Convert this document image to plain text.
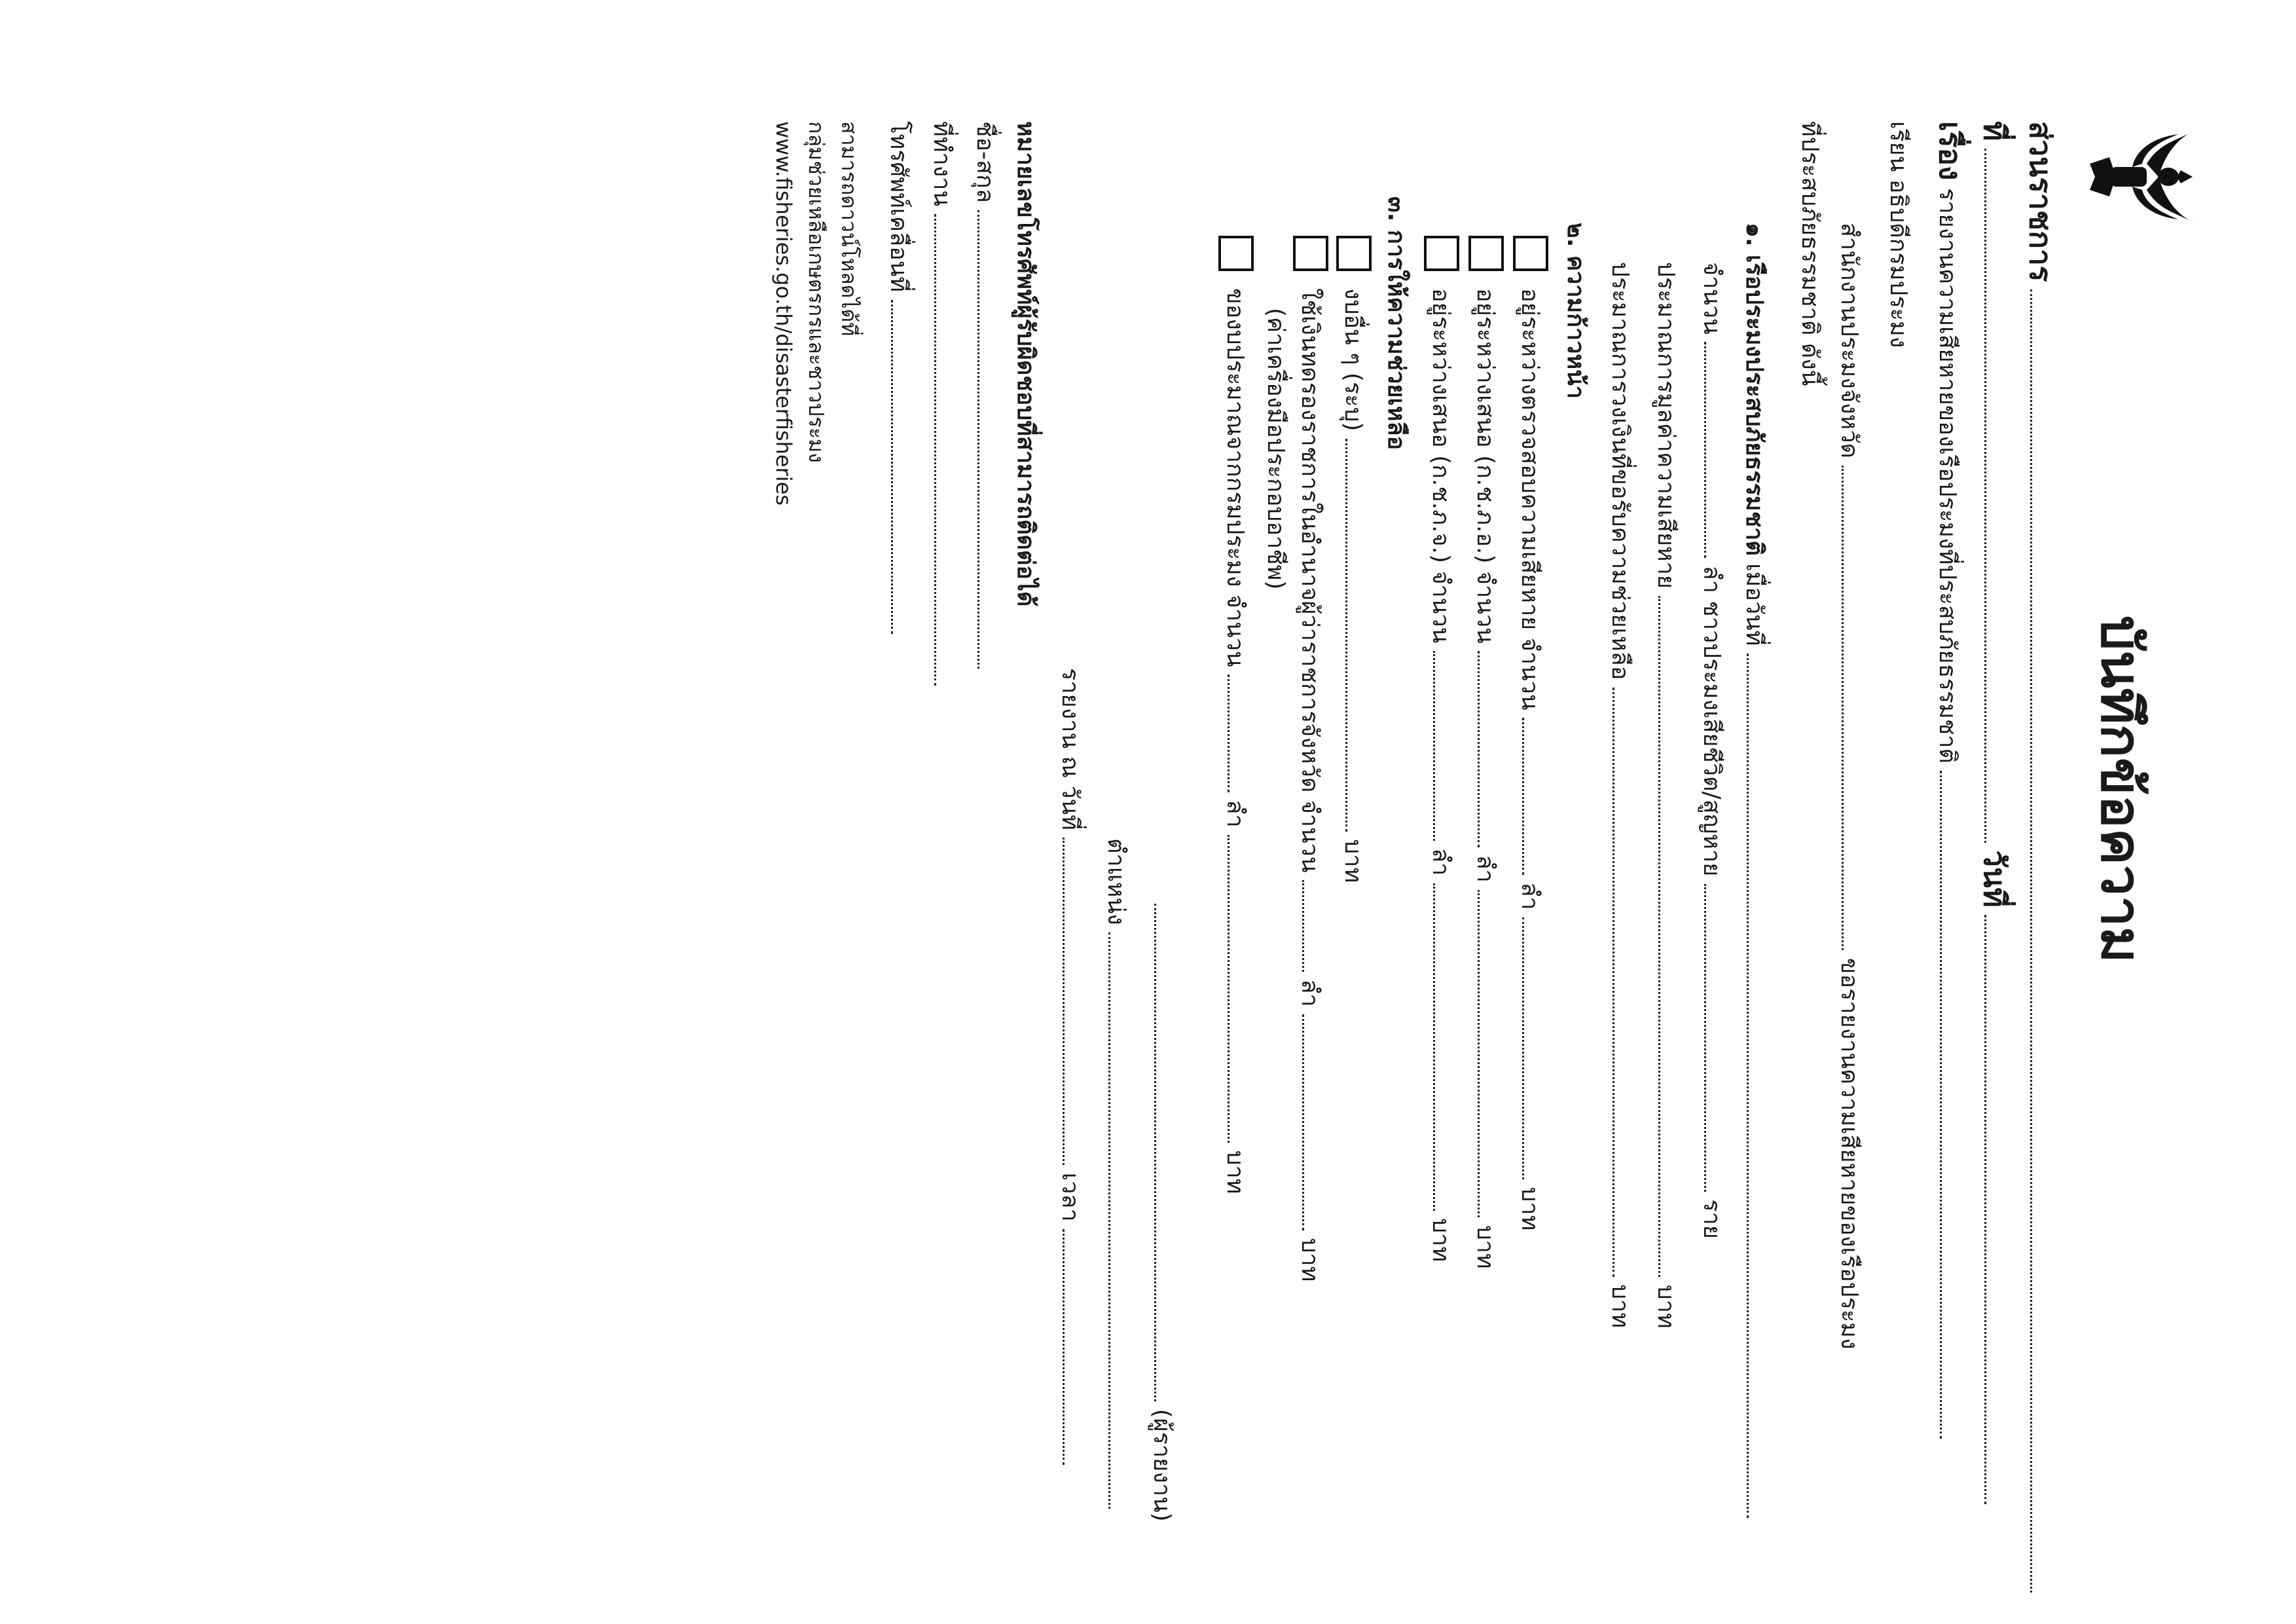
บันทึกข้อความ
ส่วนราชการ
ที่  วันที่
เรื่อง รายงานความเสียหายของเรือประมงที่ประสบภัยธรรมชาติ
เรียน อธิบดีกรมประมง
สำนักงานประมงจังหวัด  ขอรายงานความเสียหายของเรือประมง
ที่ประสบภัยธรรมชาติ ดังนี้
๑. เรือประมงประสบภัยธรรมชาติ เมื่อวันที่
จำนวน  ลำ ชาวประมงเสียชีวิต/สูญหาย  ราย
ประมาณการมูลค่าความเสียหาย  บาท
ประมาณการวงเงินที่ขอรับความช่วยเหลือ  บาท
๒. ความก้าวหน้า
อยู่ระหว่างตรวจสอบความเสียหาย จำนวน  ลำ  บาท
อยู่ระหว่างเสนอ (ก.ช.ภ.อ.) จำนวน  ลำ  บาท
อยู่ระหว่างเสนอ (ก.ช.ภ.จ.) จำนวน  ลำ  บาท
๓. การให้ความช่วยเหลือ
งบอื่น ๆ (ระบุ)  บาท
ใช้เงินทดรองราชการในอำนาจผู้ว่าราชการจังหวัด จำนวน  ลำ  บาท
(ค่าเครื่องมือประกอบอาชีพ)
ของบประมาณจากกรมประมง จำนวน  ลำ  บาท
(ผู้รายงาน)
ตำแหน่ง
รายงาน ณ วันที่  เวลา
หมายเลขโทรศัพท์ผู้รับผิดชอบที่สามารถติดต่อได้
ชื่อ-สกุล
ที่ทำงาน
โทรศัพท์เคลื่อนที่
สามารถดาวน์โหลดได้ที่
กลุ่มช่วยเหลือเกษตรกรและชาวประมง
www.fisheries.go.th/disasterfisheries
